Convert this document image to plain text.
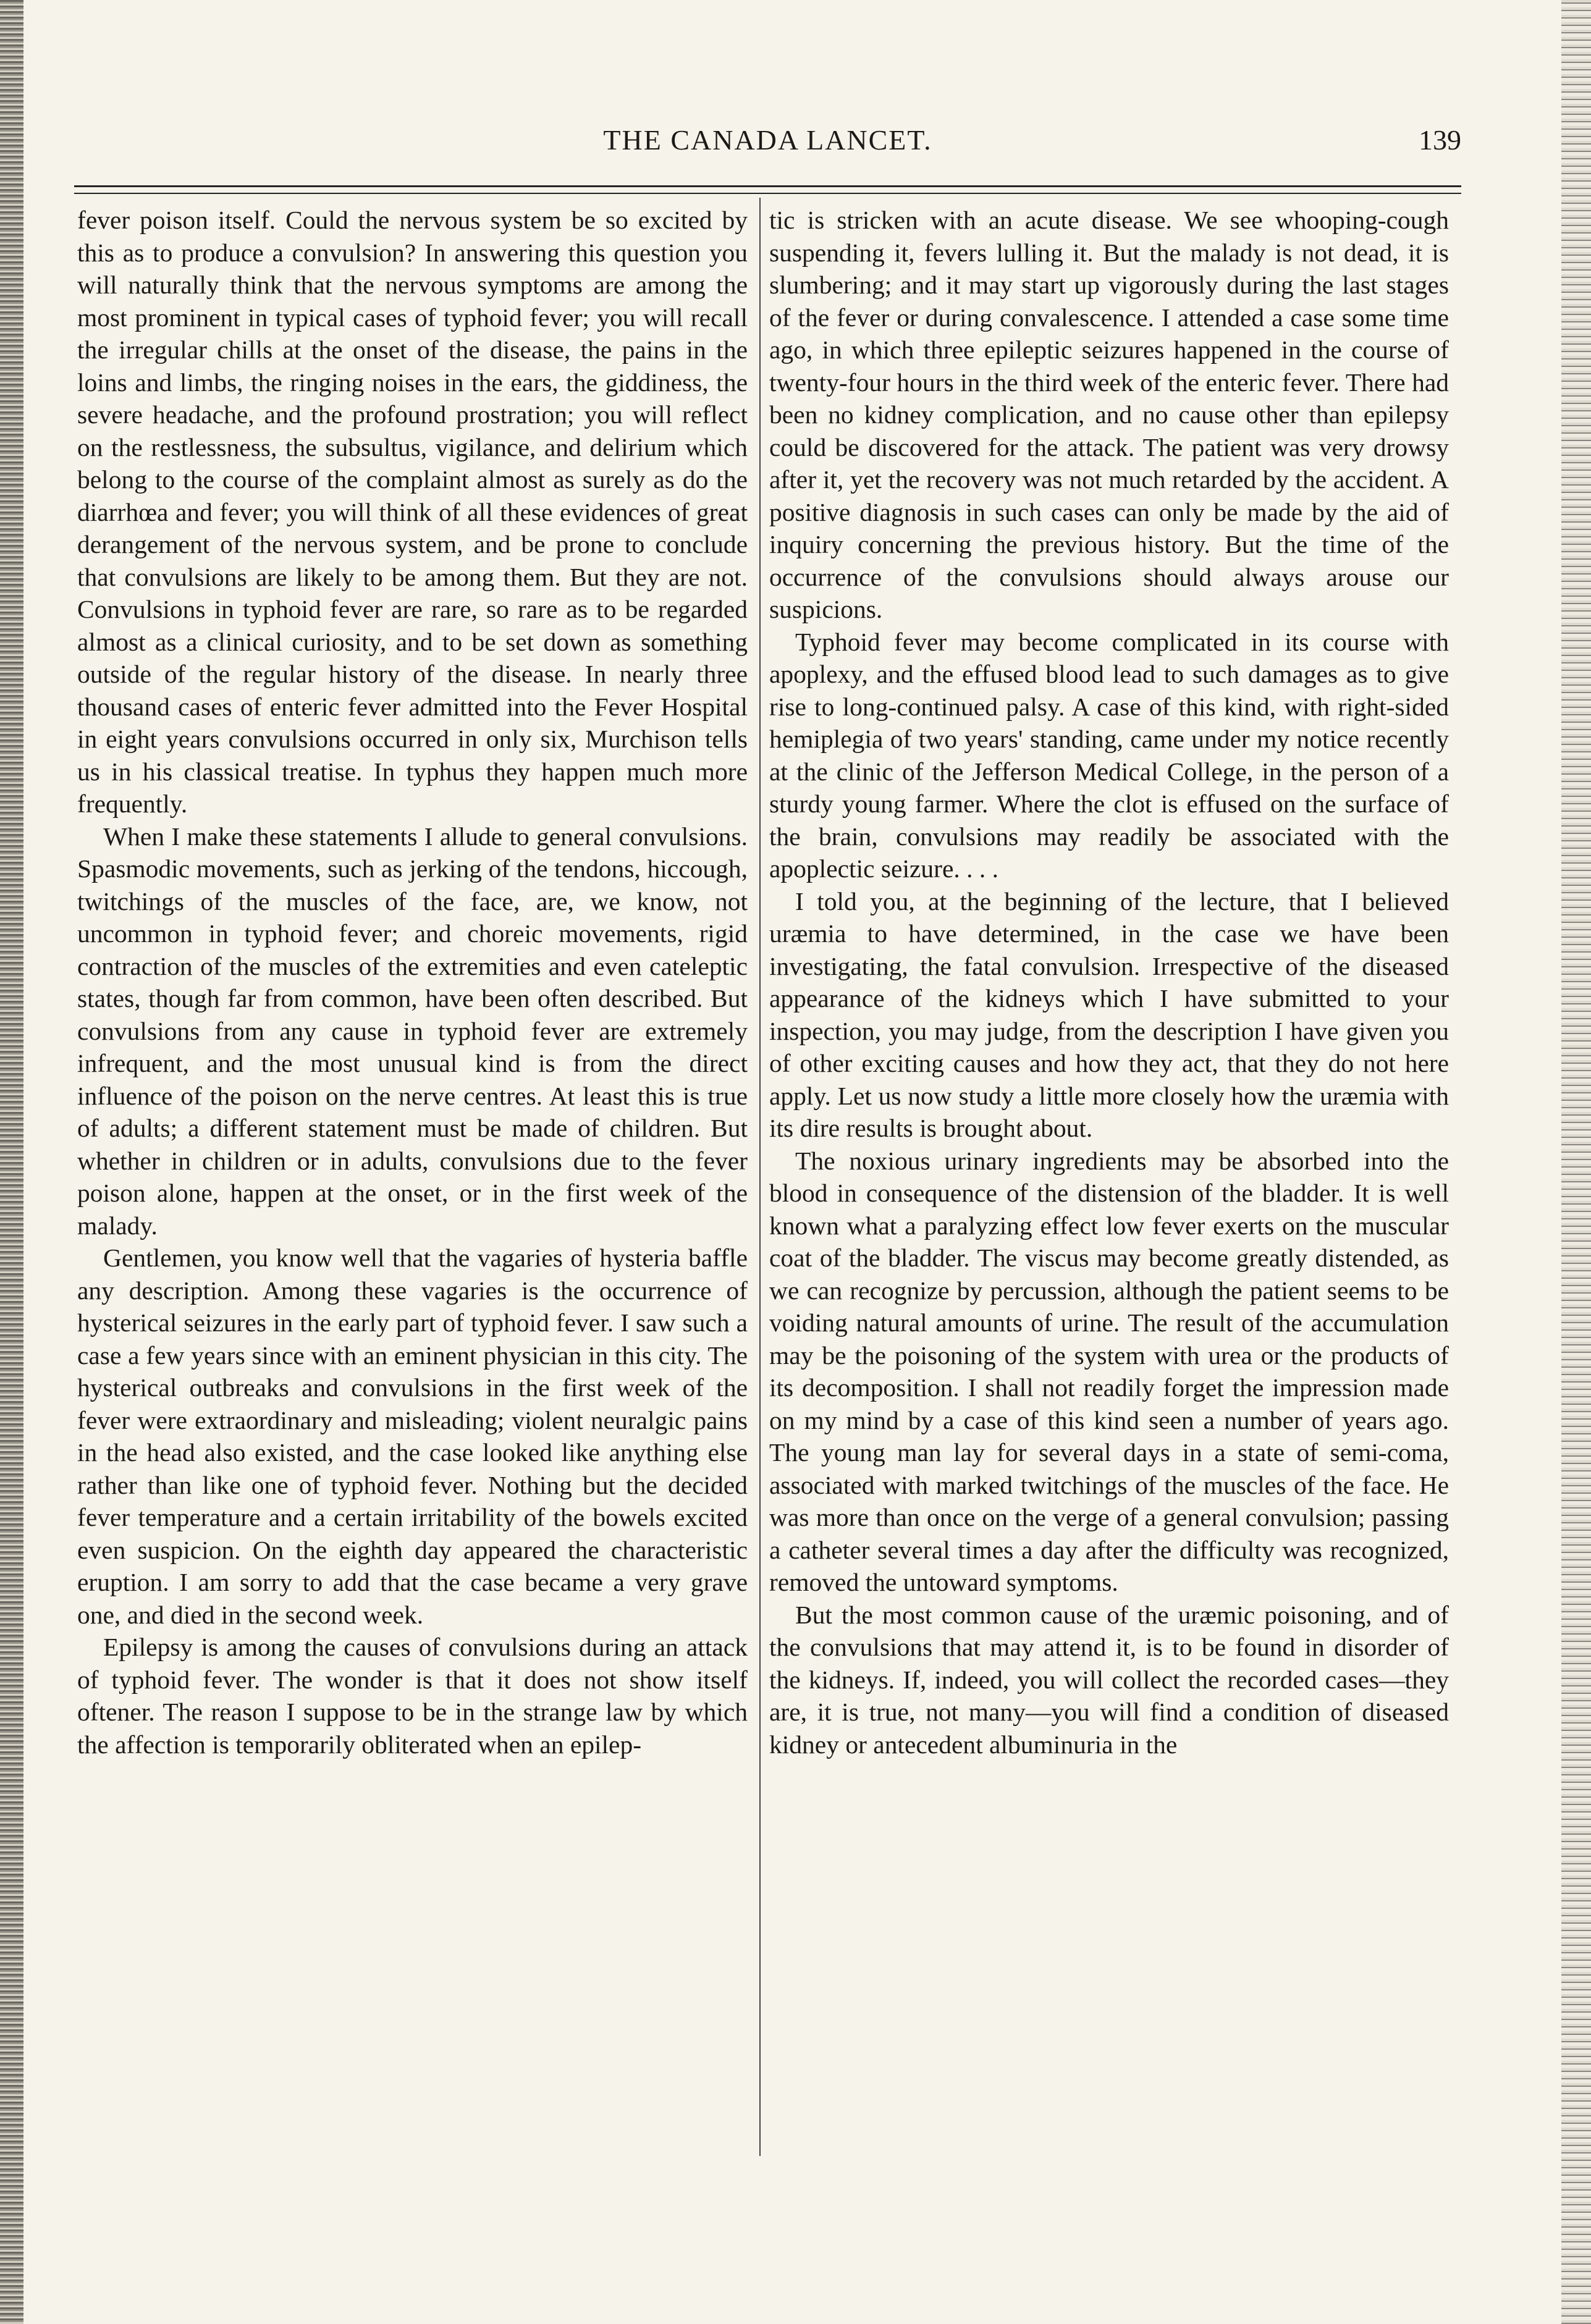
THE CANADA LANCET.	139

fever poison itself. Could the nervous system be so excited by this as to produce a convulsion? In answering this question you will naturally think that the nervous symptoms are among the most prominent in typical cases of typhoid fever; you will recall the irregular chills at the onset of the disease, the pains in the loins and limbs, the ringing noises in the ears, the giddiness, the severe headache, and the profound prostration; you will reflect on the restlessness, the subsultus, vigilance, and delirium which belong to the course of the complaint almost as surely as do the diarrhœa and fever; you will think of all these evidences of great derangement of the nervous system, and be prone to conclude that convulsions are likely to be among them. But they are not. Convulsions in typhoid fever are rare, so rare as to be regarded almost as a clinical curiosity, and to be set down as something outside of the regular history of the disease. In nearly three thousand cases of enteric fever admitted into the Fever Hospital in eight years convulsions occurred in only six, Murchison tells us in his classical treatise. In typhus they happen much more frequently.

When I make these statements I allude to general convulsions. Spasmodic movements, such as jerking of the tendons, hiccough, twitchings of the muscles of the face, are, we know, not uncommon in typhoid fever; and choreic movements, rigid contraction of the muscles of the extremities and even cateleptic states, though far from common, have been often described. But convulsions from any cause in typhoid fever are extremely infrequent, and the most unusual kind is from the direct influence of the poison on the nerve centres. At least this is true of adults; a different statement must be made of children. But whether in children or in adults, convulsions due to the fever poison alone, happen at the onset, or in the first week of the malady.

Gentlemen, you know well that the vagaries of hysteria baffle any description. Among these vagaries is the occurrence of hysterical seizures in the early part of typhoid fever. I saw such a case a few years since with an eminent physician in this city. The hysterical outbreaks and convulsions in the first week of the fever were extraordinary and misleading; violent neuralgic pains in the head also existed, and the case looked like anything else rather than like one of typhoid fever. Nothing but the decided fever temperature and a certain irritability of the bowels excited even suspicion. On the eighth day appeared the characteristic eruption. I am sorry to add that the case became a very grave one, and died in the second week.

Epilepsy is among the causes of convulsions during an attack of typhoid fever. The wonder is that it does not show itself oftener. The reason I suppose to be in the strange law by which the affection is temporarily obliterated when an epilep-

tic is stricken with an acute disease. We see whooping-cough suspending it, fevers lulling it. But the malady is not dead, it is slumbering; and it may start up vigorously during the last stages of the fever or during convalescence. I attended a case some time ago, in which three epileptic seizures happened in the course of twenty-four hours in the third week of the enteric fever. There had been no kidney complication, and no cause other than epilepsy could be discovered for the attack. The patient was very drowsy after it, yet the recovery was not much retarded by the accident. A positive diagnosis in such cases can only be made by the aid of inquiry concerning the previous history. But the time of the occurrence of the convulsions should always arouse our suspicions.

Typhoid fever may become complicated in its course with apoplexy, and the effused blood lead to such damages as to give rise to long-continued palsy. A case of this kind, with right-sided hemiplegia of two years' standing, came under my notice recently at the clinic of the Jefferson Medical College, in the person of a sturdy young farmer. Where the clot is effused on the surface of the brain, convulsions may readily be associated with the apoplectic seizure. . . .

I told you, at the beginning of the lecture, that I believed uræmia to have determined, in the case we have been investigating, the fatal convulsion. Irrespective of the diseased appearance of the kidneys which I have submitted to your inspection, you may judge, from the description I have given you of other exciting causes and how they act, that they do not here apply. Let us now study a little more closely how the uræmia with its dire results is brought about.

The noxious urinary ingredients may be absorbed into the blood in consequence of the distension of the bladder. It is well known what a paralyzing effect low fever exerts on the muscular coat of the bladder. The viscus may become greatly distended, as we can recognize by percussion, although the patient seems to be voiding natural amounts of urine. The result of the accumulation may be the poisoning of the system with urea or the products of its decomposition. I shall not readily forget the impression made on my mind by a case of this kind seen a number of years ago. The young man lay for several days in a state of semi-coma, associated with marked twitchings of the muscles of the face. He was more than once on the verge of a general convulsion; passing a catheter several times a day after the difficulty was recognized, removed the untoward symptoms.

But the most common cause of the uræmic poisoning, and of the convulsions that may attend it, is to be found in disorder of the kidneys. If, indeed, you will collect the recorded cases—they are, it is true, not many—you will find a condition of diseased kidney or antecedent albuminuria in the
